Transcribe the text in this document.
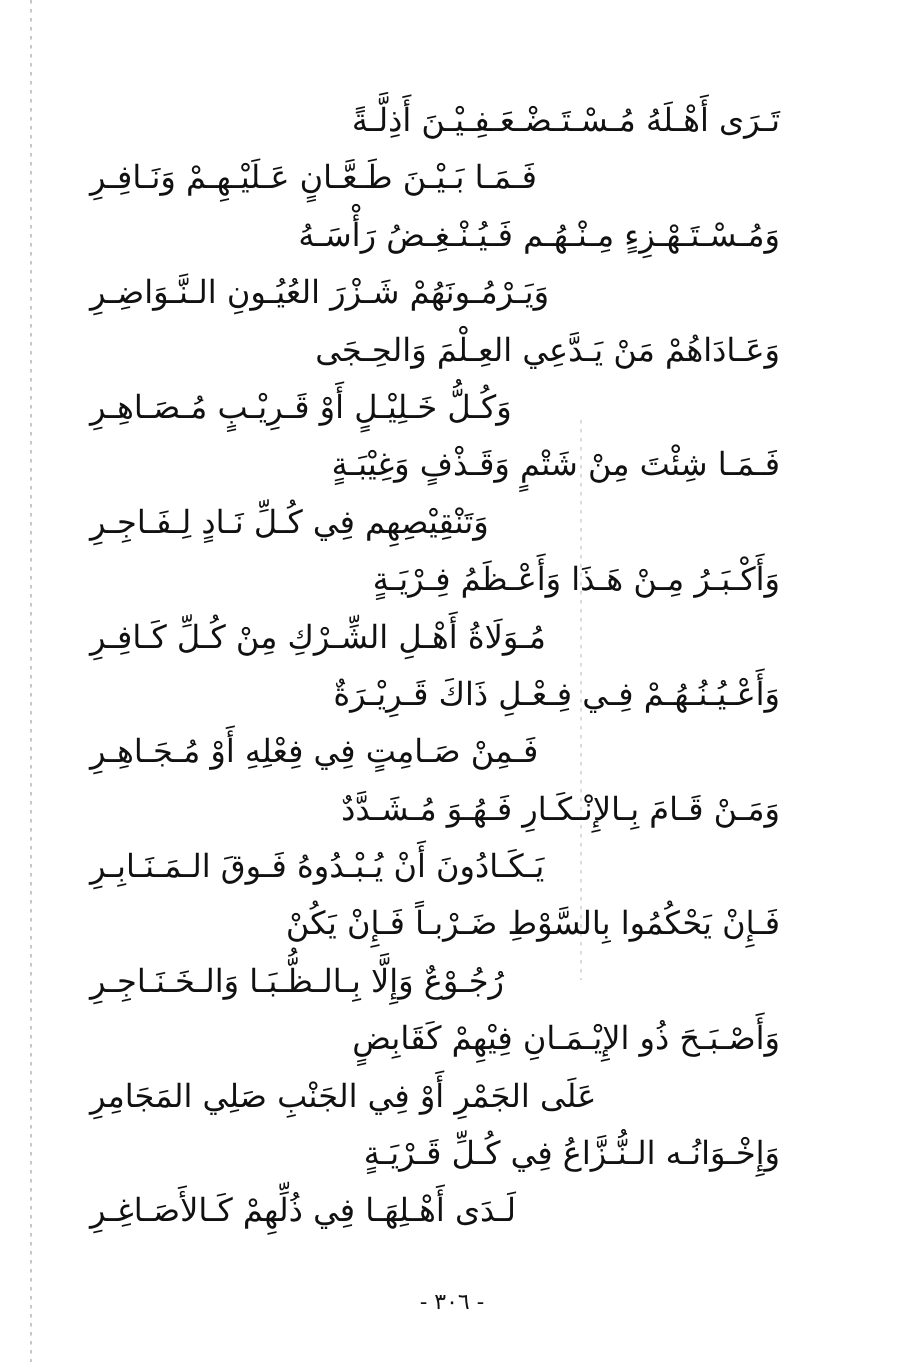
تَـرَى أَهْـلَهُ مُـسْـتَـضْـعَـفِـيْـنَ أَذِلَّـةً
فَـمَـا بَـيْـنَ طَـعَّـانٍ عَـلَيْـهِـمْ وَنَـافِـرِ
وَمُـسْـتَـهْـزِءٍ مِـنْـهُـم فَـيُـنْـغِـضُ رَأْسَـهُ
وَيَـرْمُـونَهُمْ شَـزْرَ العُيُـونِ الـنَّـوَاضِـرِ
وَعَـادَاهُمْ مَنْ يَـدَّعِي العِـلْمَ وَالحِـجَى
وَكُـلُّ خَـلِيْـلٍ أَوْ قَـرِيْـبٍ مُـصَـاهِـرِ
فَـمَـا شِئْتَ مِنْ شَتْمٍ وَقَـذْفٍ وَغِيْبَـةٍ
وَتَنْقِيْصِهِم فِي كُـلِّ نَـادٍ لِـفَـاجِـرِ
وَأَكْـبَـرُ مِـنْ هَـذَا وَأَعْـظَمُ فِـرْيَـةٍ
مُـوَلَاةُ أَهْـلِ الشِّـرْكِ مِنْ كُـلِّ كَـافِـرِ
وَأَعْـيُـنُـهُـمْ فِـي فِـعْـلِ ذَاكَ قَـرِيْـرَةٌ
فَـمِنْ صَـامِتٍ فِي فِعْلِهِ أَوْ مُـجَـاهِـرِ
وَمَـنْ قَـامَ بِـالإِنْـكَـارِ فَـهُـوَ مُـشَـدَّدٌ
يَـكَـادُونَ أَنْ يُـبْـدُوهُ فَـوقَ الـمَـنَـابِـرِ
فَـإِنْ يَحْكُمُوا بِالسَّوْطِ ضَـرْبـاً فَـإِنْ يَكُنْ
رُجُـوْعٌ وَإِلَّا بِـالـظُّـبَـا وَالـخَـنَـاجِـرِ
وَأَصْـبَـحَ ذُو الإِيْـمَـانِ فِيْهِمْ كَقَابِضٍ
عَلَى الجَمْرِ أَوْ فِي الجَنْبِ صَلِي المَجَامِرِ
وَإِخْـوَانُـه الـنُّـزَّاعُ فِي كُـلِّ قَـرْيَـةٍ
لَـدَى أَهْـلِهَـا فِي ذُلِّهِمْ كَـالأَصَـاغِـرِ
- ٣٠٦ -
